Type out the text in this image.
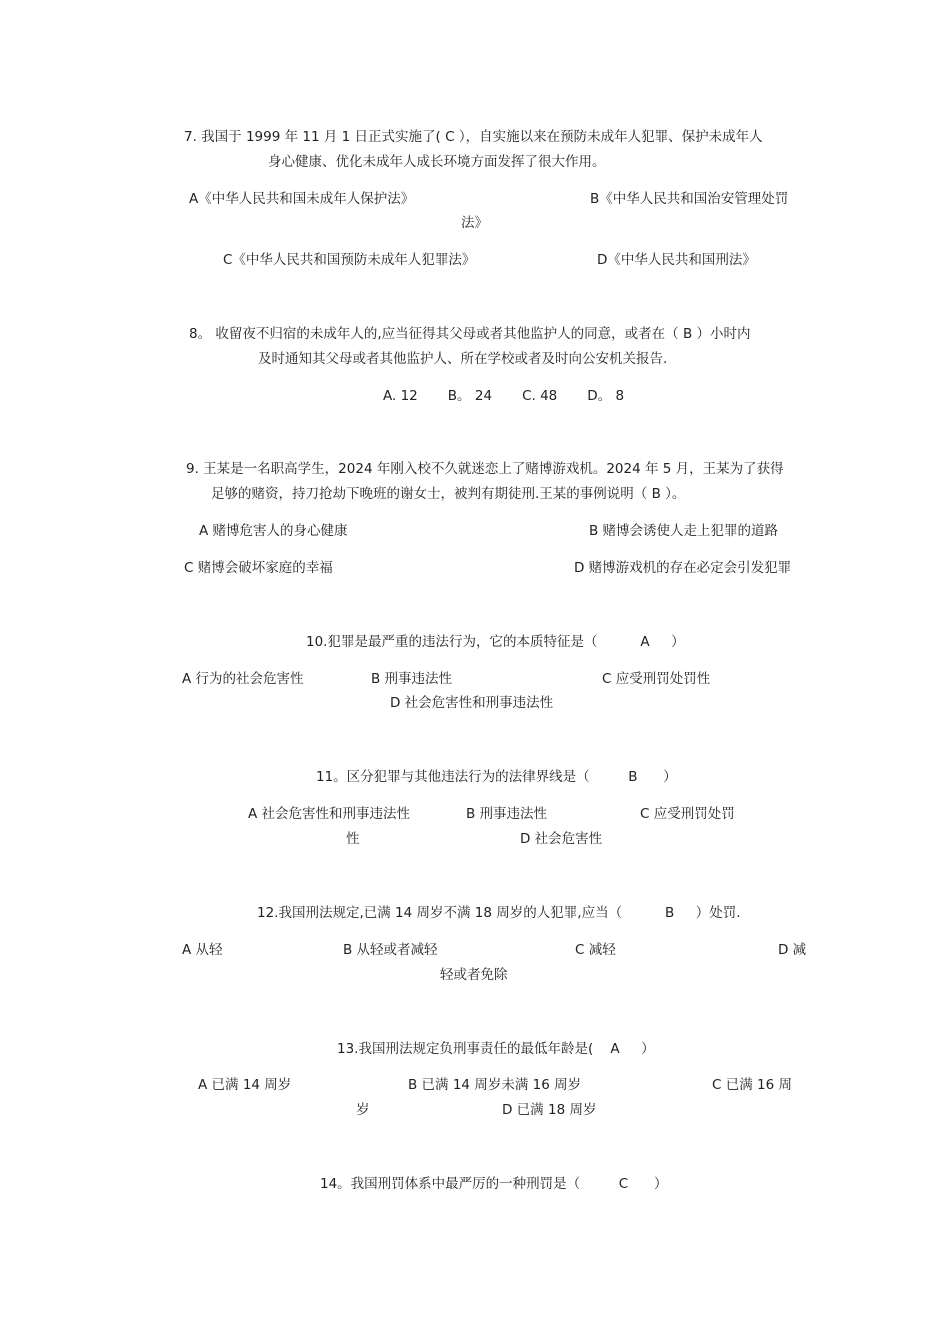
7. 我国于 1999 年 11 月 1 日正式实施了( C ），自实施以来在预防未成年人犯罪、保护未成年人
身心健康、优化未成年人成长环境方面发挥了很大作用。
A《中华人民共和国未成年人保护法》	B《中华人民共和国治安管理处罚
法》
C《中华人民共和国预防未成年人犯罪法》	D《中华人民共和国刑法》
8。 收留夜不归宿的未成年人的,应当征得其父母或者其他监护人的同意，或者在（ B ）小时内
及时通知其父母或者其他监护人、所在学校或者及时向公安机关报告.
A. 12       B。 24       C. 48       D。 8
9. 王某是一名职高学生，2024 年刚入校不久就迷恋上了赌博游戏机。2024 年 5 月，王某为了获得
足够的赌资，持刀抢劫下晚班的谢女士，被判有期徒刑.王某的事例说明（ B ）。
A 赌博危害人的身心健康	B 赌博会诱使人走上犯罪的道路
C 赌博会破坏家庭的幸福	D 赌博游戏机的存在必定会引发犯罪
10.犯罪是最严重的违法行为，它的本质特征是（          A     ）
A 行为的社会危害性	B 刑事违法性	C 应受刑罚处罚性
D 社会危害性和刑事违法性
11。区分犯罪与其他违法行为的法律界线是（         B      ）
A 社会危害性和刑事违法性	B 刑事违法性	C 应受刑罚处罚
性	D 社会危害性
12.我国刑法规定,已满 14 周岁不满 18 周岁的人犯罪,应当（          B     ）处罚.
A 从轻	B 从轻或者减轻	C 减轻	D 减
轻或者免除
13.我国刑法规定负刑事责任的最低年龄是(    A     ）
A 已满 14 周岁	B 已满 14 周岁未满 16 周岁	C 已满 16 周
岁	D 已满 18 周岁
14。我国刑罚体系中最严厉的一种刑罚是（         C      ）
